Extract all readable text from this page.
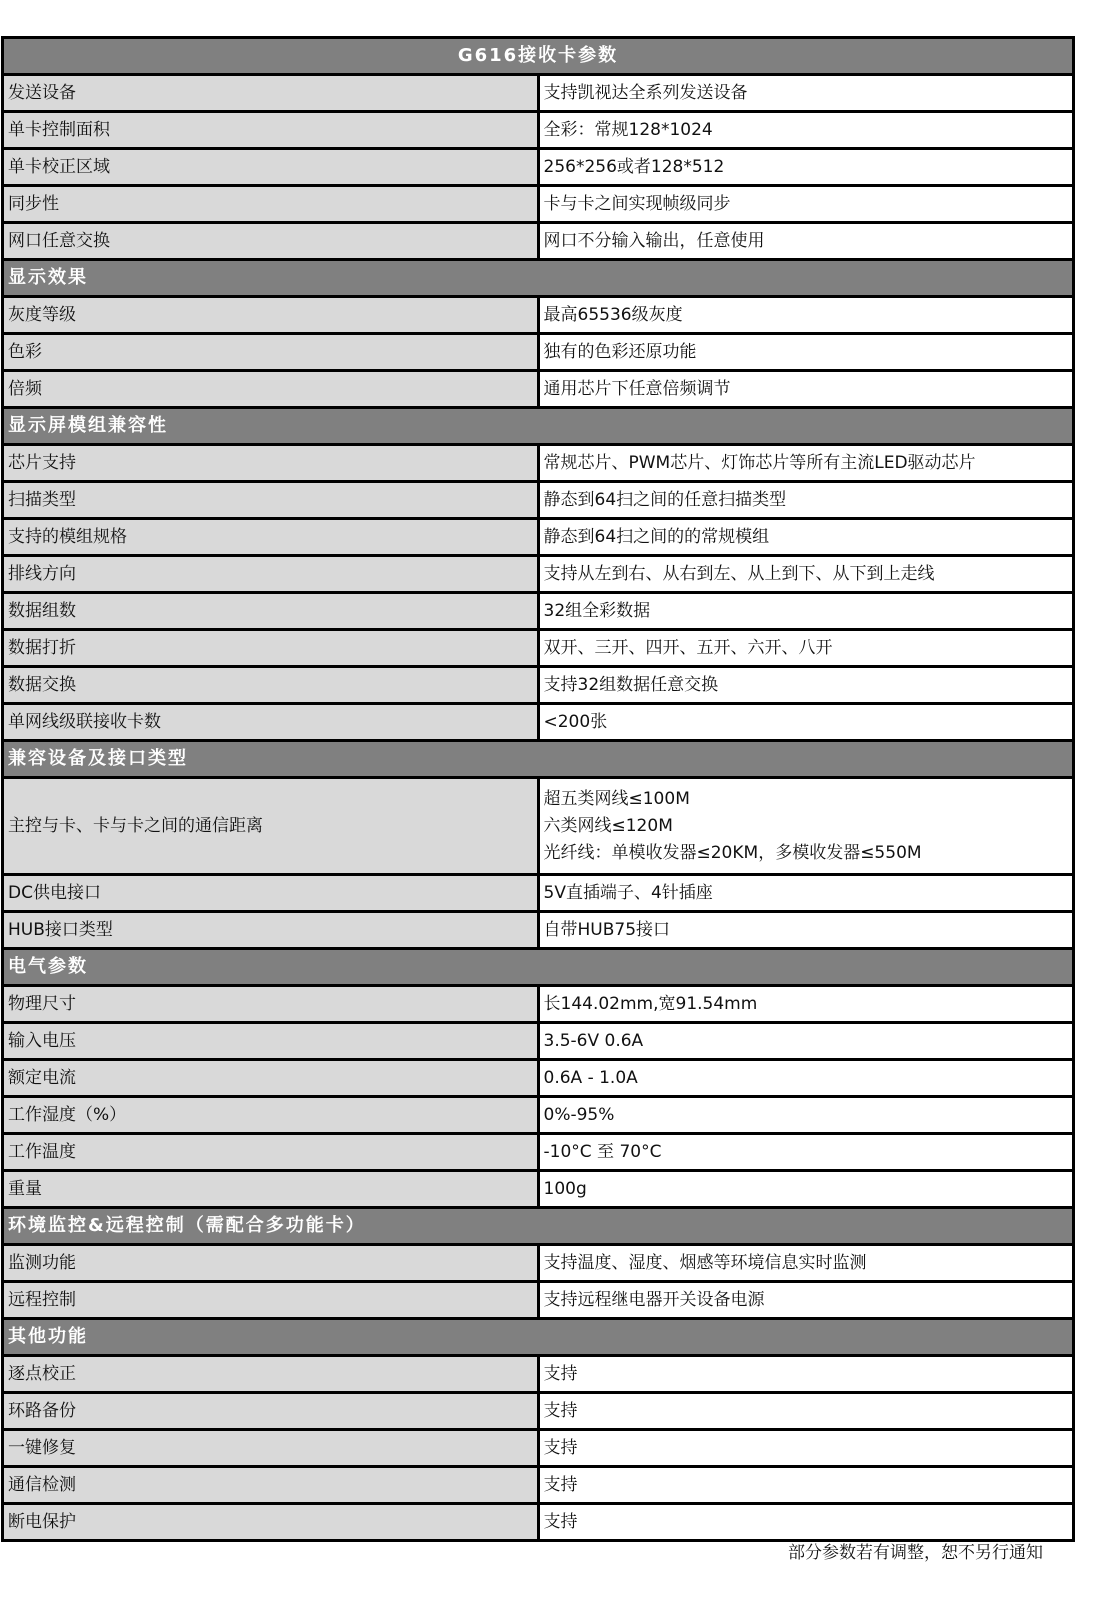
G616接收卡参数	
发送设备	支持凯视达全系列发送设备
单卡控制面积	全彩：常规128*1024
单卡校正区域	256*256或者128*512
同步性	卡与卡之间实现帧级同步
网口任意交换	网口不分输入输出，任意使用
显示效果	
灰度等级	最高65536级灰度
色彩	独有的色彩还原功能
倍频	通用芯片下任意倍频调节
显示屏模组兼容性	
芯片支持	常规芯片、PWM芯片、灯饰芯片等所有主流LED驱动芯片
扫描类型	静态到64扫之间的任意扫描类型
支持的模组规格	静态到64扫之间的的常规模组
排线方向	支持从左到右、从右到左、从上到下、从下到上走线
数据组数	32组全彩数据
数据打折	双开、三开、四开、五开、六开、八开
数据交换	支持32组数据任意交换
单网线级联接收卡数	<200张
兼容设备及接口类型	
主控与卡、卡与卡之间的通信距离	超五类网线≤100M
六类网线≤120M
光纤线：单模收发器≤20KM，多模收发器≤550M

DC供电接口	5V直插端子、4针插座
HUB接口类型	自带HUB75接口
电气参数	
物理尺寸	长144.02mm,宽91.54mm
输入电压	3.5-6V 0.6A
额定电流	0.6A - 1.0A
工作湿度（%）	0%-95%
工作温度	-10°C 至 70°C
重量	100g
环境监控&远程控制（需配合多功能卡）	
监测功能	支持温度、湿度、烟感等环境信息实时监测
远程控制	支持远程继电器开关设备电源
其他功能	
逐点校正	支持
环路备份	支持
一键修复	支持
通信检测	支持
断电保护	支持
部分参数若有调整，恕不另行通知
